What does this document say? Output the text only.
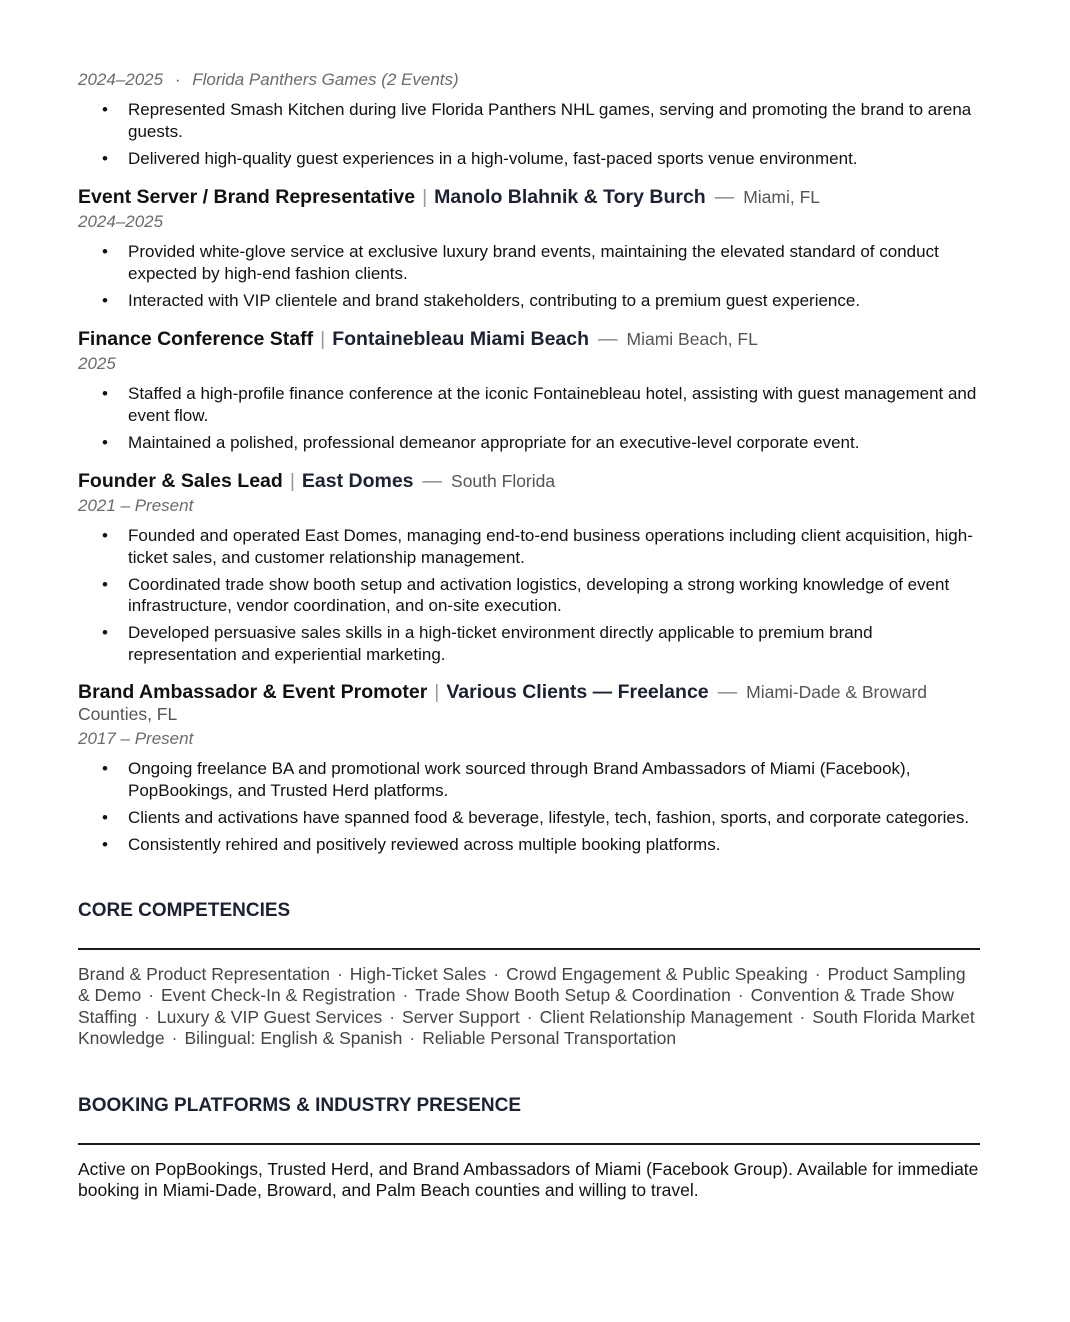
2024–2025 · Florida Panthers Games (2 Events)
• Represented Smash Kitchen during live Florida Panthers NHL games, serving and promoting the brand to arena guests.
• Delivered high-quality guest experiences in a high-volume, fast-paced sports venue environment.
Event Server / Brand Representative | Manolo Blahnik & Tory Burch — Miami, FL
2024–2025
• Provided white-glove service at exclusive luxury brand events, maintaining the elevated standard of conduct expected by high-end fashion clients.
• Interacted with VIP clientele and brand stakeholders, contributing to a premium guest experience.
Finance Conference Staff | Fontainebleau Miami Beach — Miami Beach, FL
2025
• Staffed a high-profile finance conference at the iconic Fontainebleau hotel, assisting with guest management and event flow.
• Maintained a polished, professional demeanor appropriate for an executive-level corporate event.
Founder & Sales Lead | East Domes — South Florida
2021 – Present
• Founded and operated East Domes, managing end-to-end business operations including client acquisition, high-ticket sales, and customer relationship management.
• Coordinated trade show booth setup and activation logistics, developing a strong working knowledge of event infrastructure, vendor coordination, and on-site execution.
• Developed persuasive sales skills in a high-ticket environment directly applicable to premium brand representation and experiential marketing.
Brand Ambassador & Event Promoter | Various Clients — Freelance — Miami-Dade & Broward Counties, FL
2017 – Present
• Ongoing freelance BA and promotional work sourced through Brand Ambassadors of Miami (Facebook), PopBookings, and Trusted Herd platforms.
• Clients and activations have spanned food & beverage, lifestyle, tech, fashion, sports, and corporate categories.
• Consistently rehired and positively reviewed across multiple booking platforms.
CORE COMPETENCIES
Brand & Product Representation · High-Ticket Sales · Crowd Engagement & Public Speaking · Product Sampling & Demo · Event Check-In & Registration · Trade Show Booth Setup & Coordination · Convention & Trade Show Staffing · Luxury & VIP Guest Services · Server Support · Client Relationship Management · South Florida Market Knowledge · Bilingual: English & Spanish · Reliable Personal Transportation
BOOKING PLATFORMS & INDUSTRY PRESENCE
Active on PopBookings, Trusted Herd, and Brand Ambassadors of Miami (Facebook Group). Available for immediate booking in Miami-Dade, Broward, and Palm Beach counties and willing to travel.
